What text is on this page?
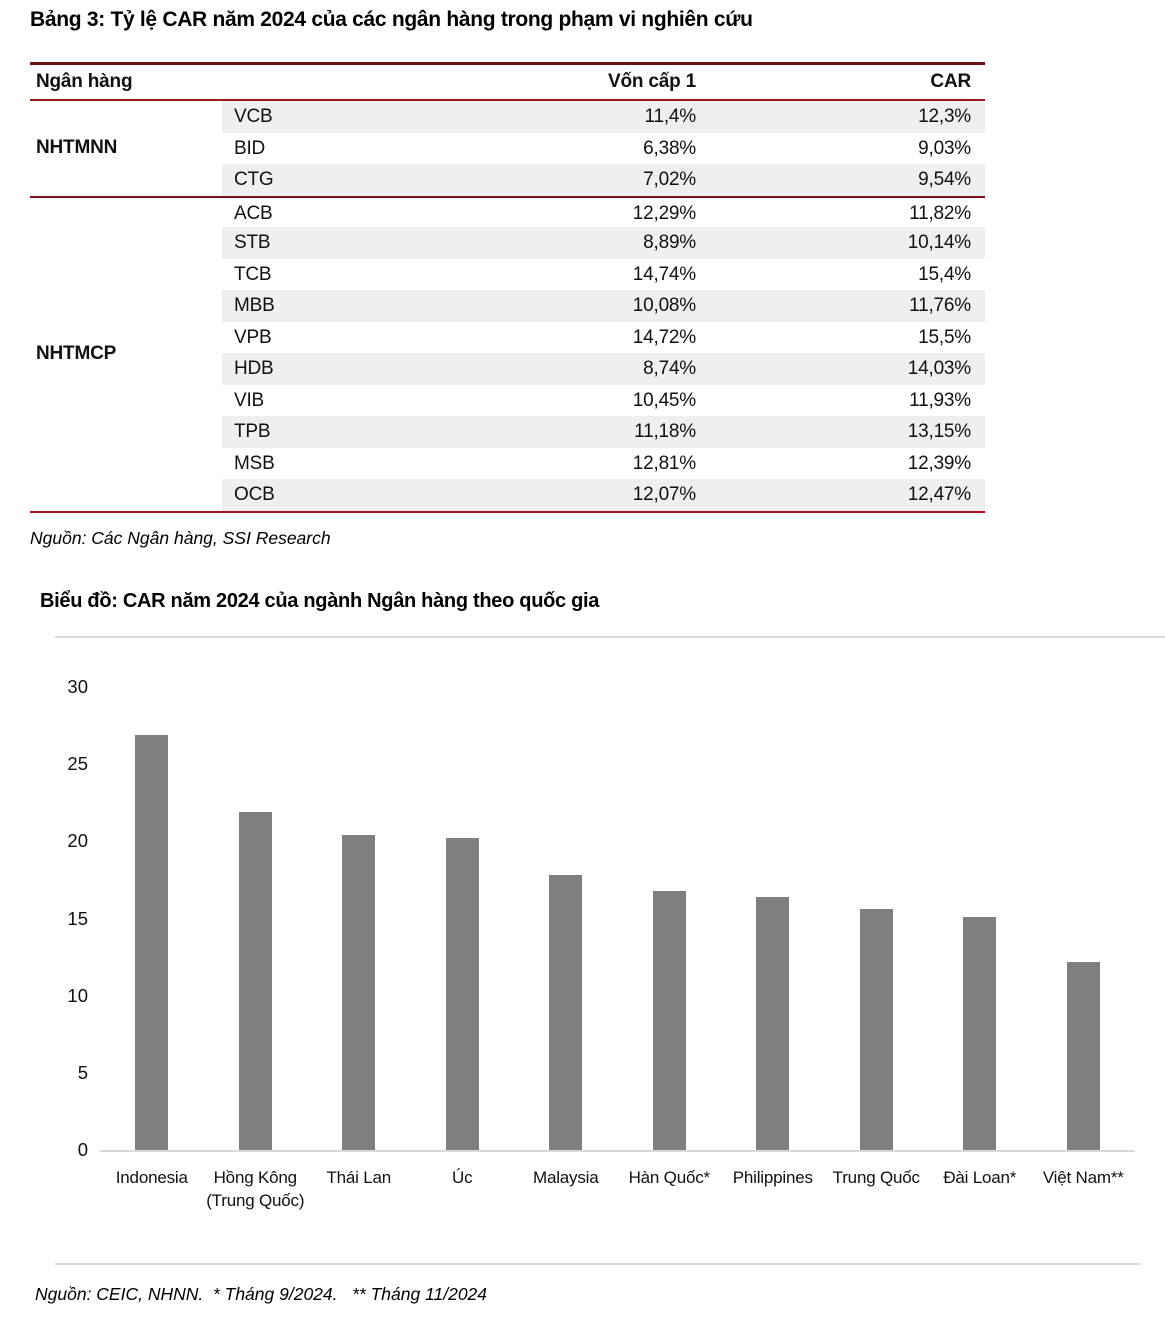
Bảng 3: Tỷ lệ CAR năm 2024 của các ngân hàng trong phạm vi nghiên cứu
Ngân hàng	Vốn cấp 1	CAR
NHTMNN
VCB	11,4%	12,3%
BID	6,38%	9,03%
CTG	7,02%	9,54%
NHTMCP
ACB	12,29%	11,82%
STB	8,89%	10,14%
TCB	14,74%	15,4%
MBB	10,08%	11,76%
VPB	14,72%	15,5%
HDB	8,74%	14,03%
VIB	10,45%	11,93%
TPB	11,18%	13,15%
MSB	12,81%	12,39%
OCB	12,07%	12,47%
Nguồn: Các Ngân hàng, SSI Research
Biểu đồ: CAR năm 2024 của ngành Ngân hàng theo quốc gia
0
5
10
15
20
25
30
Indonesia	Hồng Kông
(Trung Quốc)
Thái Lan	Úc	Malaysia	Hàn Quốc*	Philippines	Trung Quốc	Đài Loan*	Việt Nam**
Nguồn: CEIC, NHNN.  * Tháng 9/2024.   ** Tháng 11/2024
